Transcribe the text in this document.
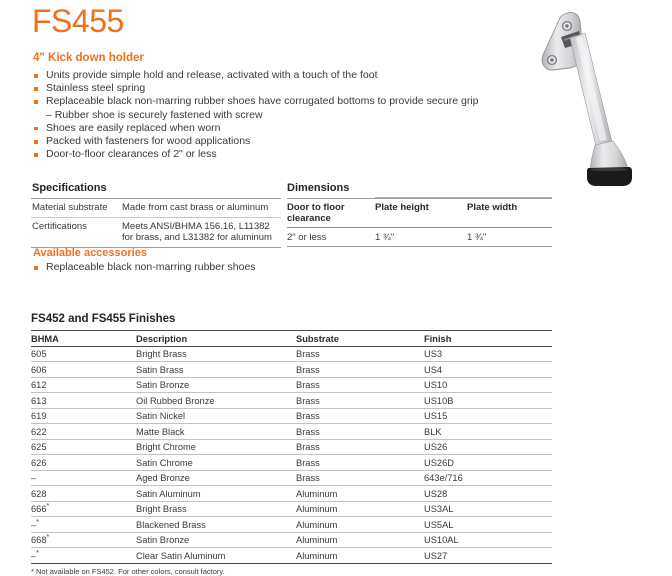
FS455
4" Kick down holder
Units provide simple hold and release, activated with a touch of the foot
Stainless steel spring
Replaceable black non-marring rubber shoes have corrugated bottoms to provide secure grip
– Rubber shoe is securely fastened with screw
Shoes are easily replaced when worn
Packed with fasteners for wood applications
Door-to-floor clearances of 2" or less
Specifications
Material substrate	Made from cast brass or aluminum
Certifications	Meets ANSI/BHMA 156.16, L11382 for brass, and L31382 for aluminum
Dimensions
Door to floor clearance	Plate height	Plate width
2" or less	1 ¾"	1 ¾"
Available accessories
Replaceable black non-marring rubber shoes
FS452 and FS455 Finishes
BHMA	Description	Substrate	Finish
605	Bright Brass	Brass	US3
606	Satin Brass	Brass	US4
612	Satin Bronze	Brass	US10
613	Oil Rubbed Bronze	Brass	US10B
619	Satin Nickel	Brass	US15
622	Matte Black	Brass	BLK
625	Bright Chrome	Brass	US26
626	Satin Chrome	Brass	US26D
–	Aged Bronze	Brass	643e/716
628	Satin Aluminum	Aluminum	US28
666*	Bright Brass	Aluminum	US3AL
–*	Blackened Brass	Aluminum	US5AL
668*	Satin Bronze	Aluminum	US10AL
–*	Clear Satin Aluminum	Aluminum	US27

* Not available on FS452. For other colors, consult factory.
